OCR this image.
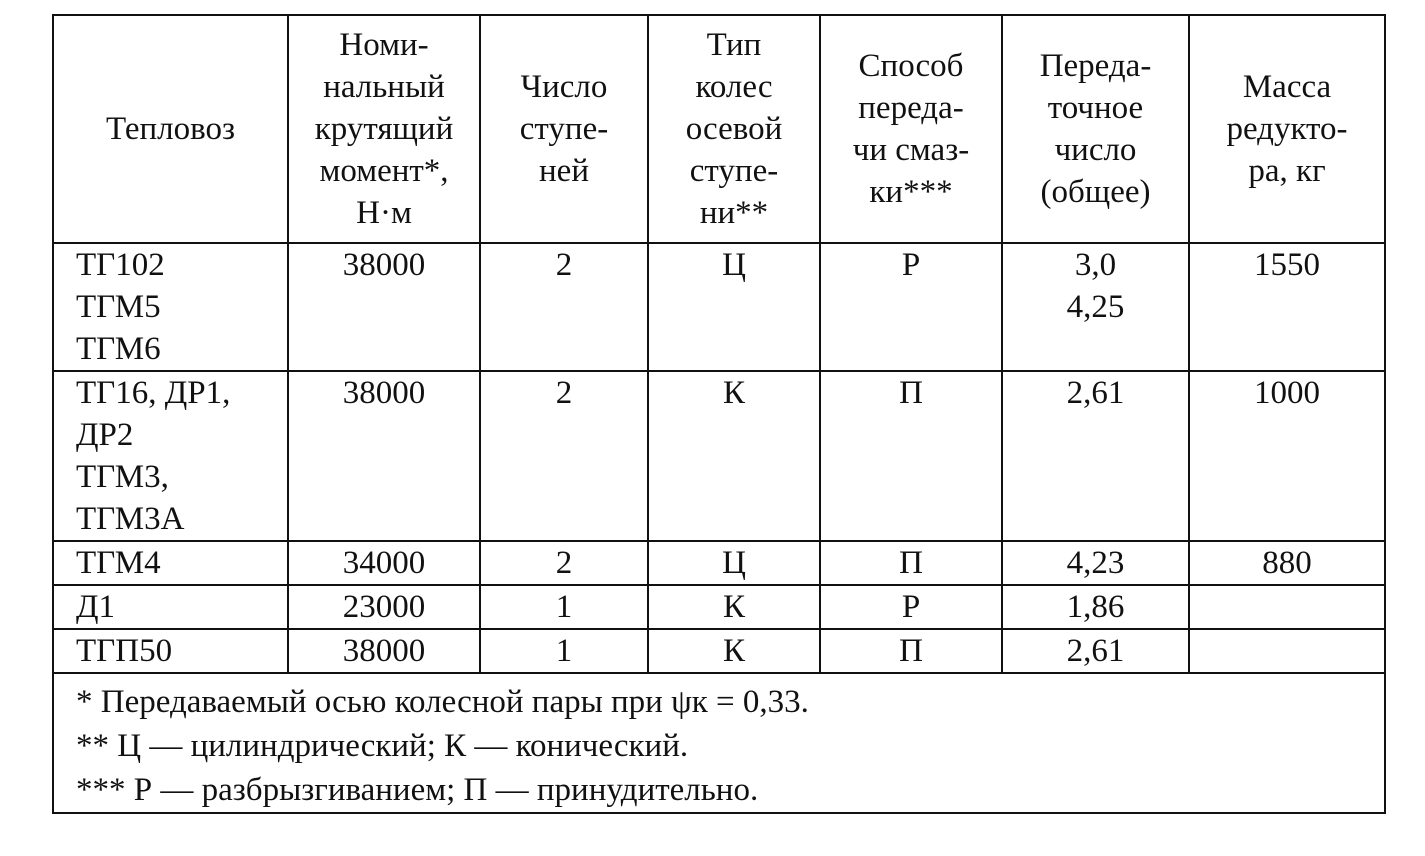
Тепловоз	Номи-
нальный
крутящий
момент*,
Н·м	Число
ступе-
ней	Тип
колес
осевой
ступе-
ни**	Способ
переда-
чи смаз-
ки***	Переда-
точное
число
(общее)	Масса
редукто-
ра, кг

ТГ102
ТГМ5
ТГМ6	38000	2	Ц	Р	3,0
4,25	1550

ТГ16, ДР1,
ДР2
ТГМ3,
ТГМ3А	38000	2	К	П	2,61	1000

ТГМ4	34000	2	Ц	П	4,23	880

Д1	23000	1	К	Р	1,86	

ТГП50	38000	1	К	П	2,61	

* Передаваемый осью колесной пары при ψк = 0,33.
** Ц — цилиндрический; К — конический.
*** Р — разбрызгиванием; П — принудительно.						
